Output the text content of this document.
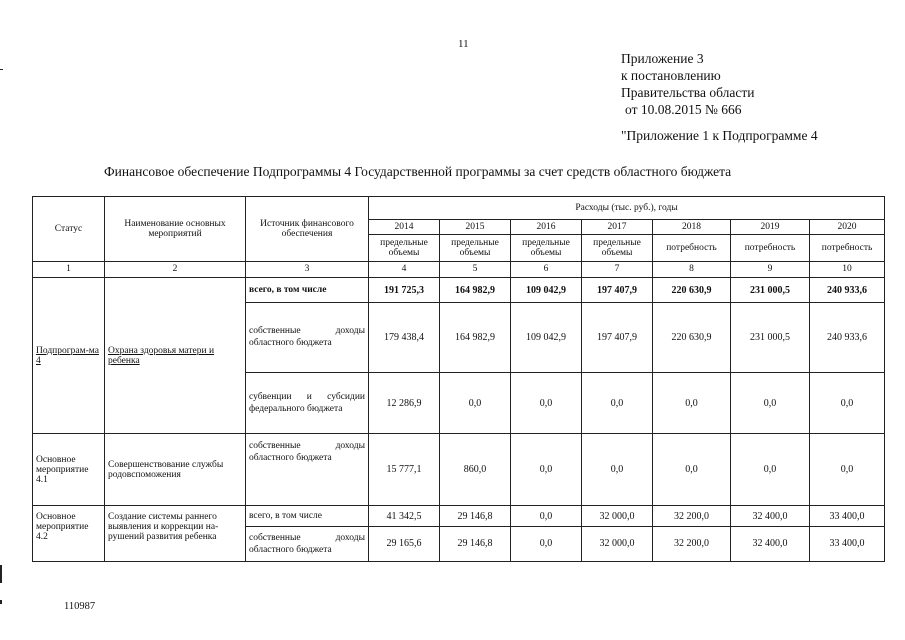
11
Приложение 3
к постановлению
Правительства области
от 10.08.2015 № 666
"Приложение 1 к Подпрограмме 4
Финансовое обеспечение Подпрограммы 4 Государственной программы за счет средств областного бюджета
Статус	Наименование основных мероприятий	Источник финансового обеспечения	Расходы (тыс. руб.), годы						
			2014	2015	2016	2017	2018	2019	2020
			предельные объемы	предельные объемы	предельные объемы	предельные объемы	потребность	потребность	потребность
1	2	3	4	5	6	7	8	9	10
Подпрограм-ма 4	Охрана здоровья матери и ребенка	всего, в том числе	191 725,3	164 982,9	109 042,9	197 407,9	220 630,9	231 000,5	240 933,6
		собственные доходы областного бюджета	179 438,4	164 982,9	109 042,9	197 407,9	220 630,9	231 000,5	240 933,6
		субвенции и субсидии федерального бюджета	12 286,9	0,0	0,0	0,0	0,0	0,0	0,0
Основное мероприятие 4.1	Совершенствование службы родовспоможения	собственные доходы областного бюджета	15 777,1	860,0	0,0	0,0	0,0	0,0	0,0
Основное мероприятие 4.2	Создание системы раннего выявления и коррекции на-рушений развития ребенка	всего, в том числе	41 342,5	29 146,8	0,0	32 000,0	32 200,0	32 400,0	33 400,0
		собственные доходы областного бюджета	29 165,6	29 146,8	0,0	32 000,0	32 200,0	32 400,0	33 400,0
110987
